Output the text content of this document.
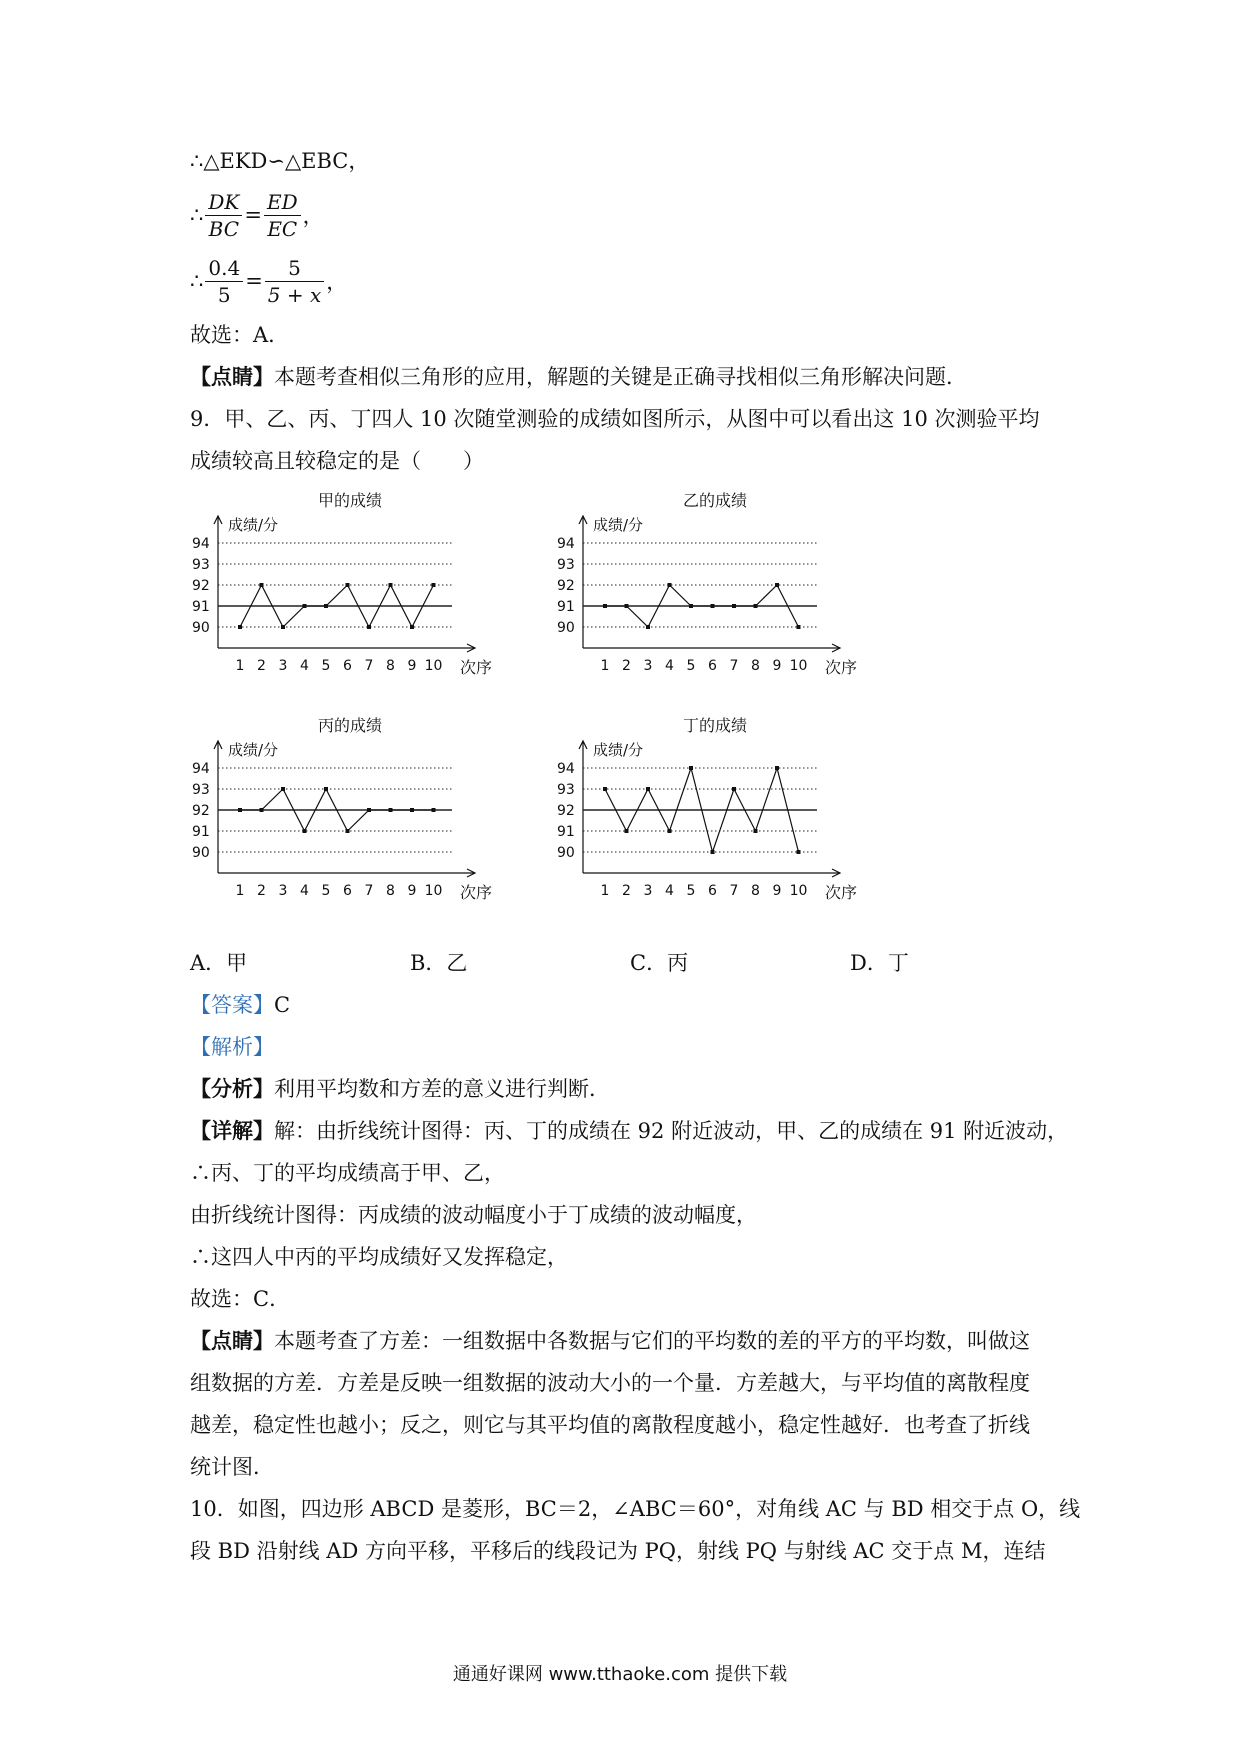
∴△EKD∽△EBC，
∴ $\frac{DK}{BC} = \frac{ED}{EC}$ ，
∴ $\frac{0.4}{5} = \frac{5}{5 + x}$ ，
故选：A．
【点睛】本题考查相似三角形的应用，解题的关键是正确寻找相似三角形解决问题．
9．甲、乙、丙、丁四人 10 次随堂测验的成绩如图所示，从图中可以看出这 10 次测验平均
成绩较高且较稳定的是（　　）
甲的成绩
成绩/分
次序
90
91
92
93
94
1 2 3 4 5 6 7 8 9 10
乙的成绩
成绩/分
次序
90
91
92
93
94
1 2 3 4 5 6 7 8 9 10
丙的成绩
成绩/分
次序
90
91
92
93
94
1 2 3 4 5 6 7 8 9 10
丁的成绩
成绩/分
次序
90
91
92
93
94
1 2 3 4 5 6 7 8 9 10
A．甲	B．乙	C．丙	D．丁
【答案】C
【解析】
【分析】利用平均数和方差的意义进行判断．
【详解】解：由折线统计图得：丙、丁的成绩在 92 附近波动，甲、乙的成绩在 91 附近波动，
∴丙、丁的平均成绩高于甲、乙，
由折线统计图得：丙成绩的波动幅度小于丁成绩的波动幅度，
∴这四人中丙的平均成绩好又发挥稳定，
故选：C．
【点睛】本题考查了方差：一组数据中各数据与它们的平均数的差的平方的平均数，叫做这
组数据的方差．方差是反映一组数据的波动大小的一个量．方差越大，与平均值的离散程度
越差，稳定性也越小；反之，则它与其平均值的离散程度越小，稳定性越好．也考查了折线
统计图．
10．如图，四边形 ABCD 是菱形，BC＝2，∠ABC＝60°，对角线 AC 与 BD 相交于点 O，线
段 BD 沿射线 AD 方向平移，平移后的线段记为 PQ，射线 PQ 与射线 AC 交于点 M，连结
通通好课网 www.tthaoke.com 提供下载
